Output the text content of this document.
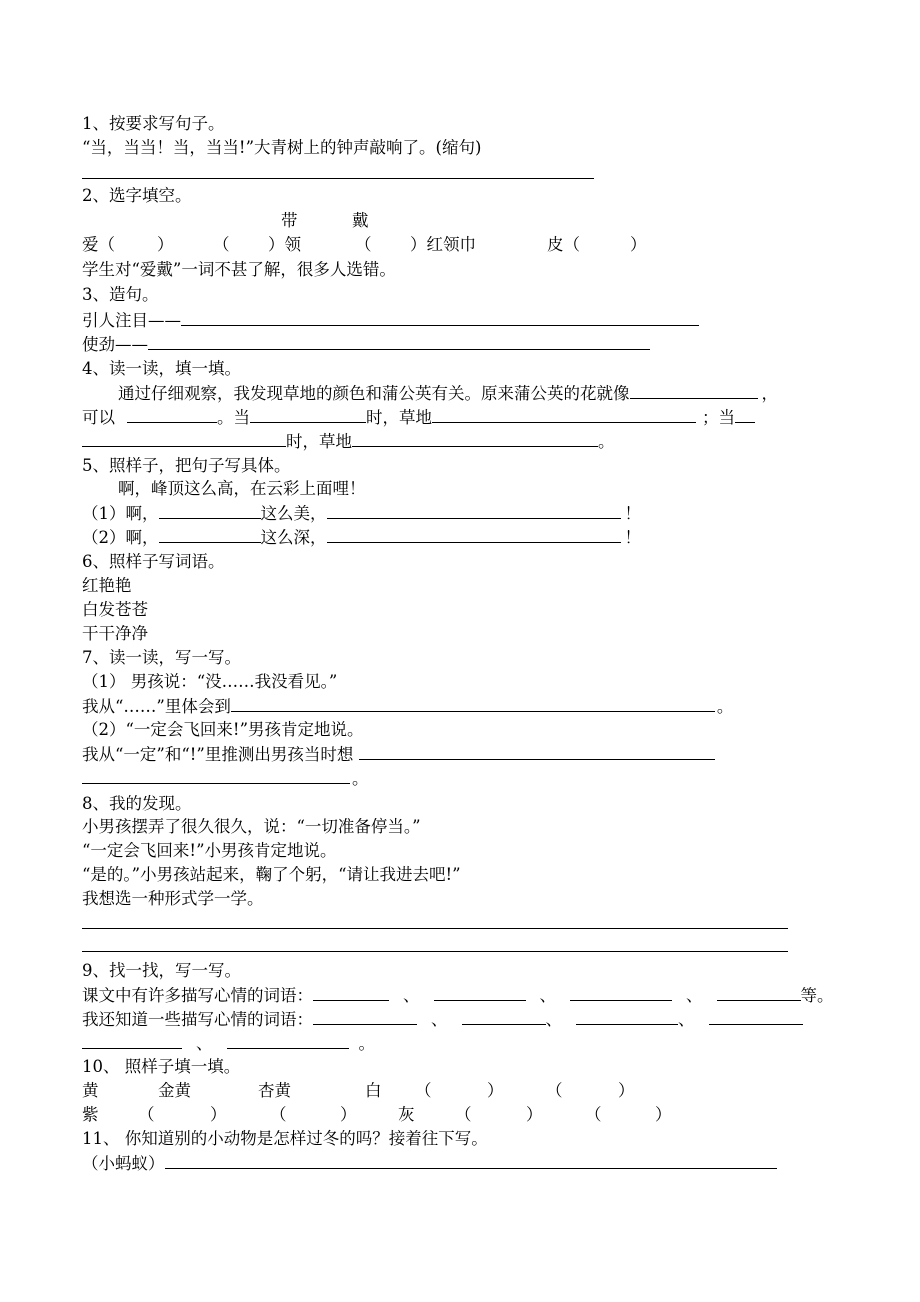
1、按要求写句子。
“当，当当！当，当当!”大青树上的钟声敲响了。(缩句)
2、选字填空。
带	戴
爱（	） （ ）领	（ ）红领巾	皮（	）
学生对“爱戴”一词不甚了解，很多人选错。
3、造句。
引人注目——
使劲——
4、读一读，填一填。
通过仔细观察，我发现草地的颜色和蒲公英有关。原来蒲公英的花就像	，
可以	。当	时，草地	；当
时，草地	。
5、照样子，把句子写具体。
啊，峰顶这么高，在云彩上面哩！
（1）啊，	这么美，	！
（2）啊，	这么深，	！
6、照样子写词语。
红艳艳
白发苍苍
干干净净
7、读一读，写一写。
（1） 男孩说：“没……我没看见。”
我从“……”里体会到	。
（2）“一定会飞回来!”男孩肯定地说。
我从“一定”和“!”里推测出男孩当时想
。
8、我的发现。
小男孩摆弄了很久很久，说：“一切准备停当。”
“一定会飞回来!”小男孩肯定地说。
“是的。”小男孩站起来，鞠了个躬，“请让我进去吧!”
我想选一种形式学一学。
9、找一找，写一写。
课文中有许多描写心情的词语：	、	、	、	等。
我还知道一些描写心情的词语：	、	、	、
、	。
10、 照样子填一填。
黄	金黄	杏黄	白 （	）	（	）
紫 （	）	（	）	灰 （	）	（	）
11、 你知道别的小动物是怎样过冬的吗？接着往下写。
（小蚂蚁）
